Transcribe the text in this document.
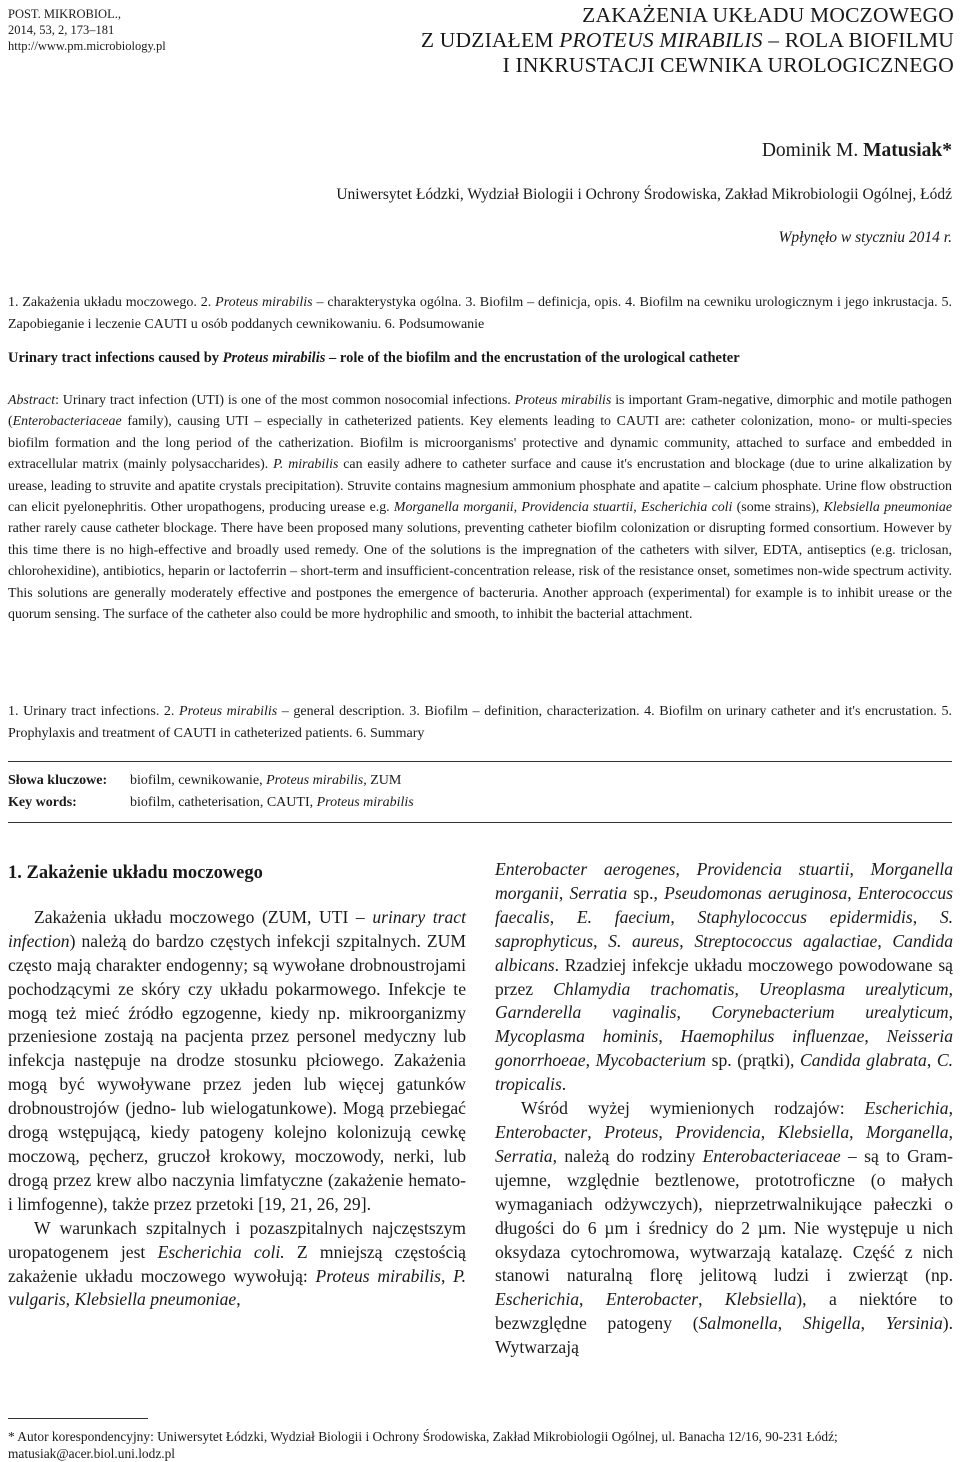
POST. MIKROBIOL.,
2014, 53, 2, 173–181
http://www.pm.microbiology.pl
ZAKAŻENIA UKŁADU MOCZOWEGO
Z UDZIAŁEM PROTEUS MIRABILIS – ROLA BIOFILMU
I INKRUSTACJI CEWNIKA UROLOGICZNEGO
Dominik M. Matusiak*
Uniwersytet Łódzki, Wydział Biologii i Ochrony Środowiska, Zakład Mikrobiologii Ogólnej, Łódź
Wpłynęło w styczniu 2014 r.
1. Zakażenia układu moczowego. 2. Proteus mirabilis – charakterystyka ogólna. 3. Biofilm – definicja, opis. 4. Biofilm na cewniku urologicznym i jego inkrustacja. 5. Zapobieganie i leczenie CAUTI u osób poddanych cewnikowaniu. 6. Podsumowanie
Urinary tract infections caused by Proteus mirabilis – role of the biofilm and the encrustation of the urological catheter
Abstract: Urinary tract infection (UTI) is one of the most common nosocomial infections. Proteus mirabilis is important Gram-negative, dimorphic and motile pathogen (Enterobacteriaceae family), causing UTI – especially in catheterized patients. Key elements leading to CAUTI are: catheter colonization, mono- or multi-species biofilm formation and the long period of the catherization. Biofilm is microorganisms' protective and dynamic community, attached to surface and embedded in extracellular matrix (mainly polysaccharides). P. mirabilis can easily adhere to catheter surface and cause it's encrustation and blockage (due to urine alkalization by urease, leading to struvite and apatite crystals precipitation). Struvite contains magnesium ammonium phosphate and apatite – calcium phosphate. Urine flow obstruction can elicit pyelonephritis. Other uropathogens, producing urease e.g. Morganella morganii, Providencia stuartii, Escherichia coli (some strains), Klebsiella pneumoniae rather rarely cause catheter blockage. There have been proposed many solutions, preventing catheter biofilm colonization or disrupting formed consortium. However by this time there is no high-effective and broadly used remedy. One of the solutions is the impregnation of the catheters with silver, EDTA, antiseptics (e.g. triclosan, chlorohexidine), antibiotics, heparin or lactoferrin – short-term and insufficient-concentration release, risk of the resistance onset, sometimes non-wide spectrum activity. This solutions are generally moderately effective and postpones the emergence of bacteruria. Another approach (experimental) for example is to inhibit urease or the quorum sensing. The surface of the catheter also could be more hydrophilic and smooth, to inhibit the bacterial attachment.
1. Urinary tract infections. 2. Proteus mirabilis – general description. 3. Biofilm – definition, characterization. 4. Biofilm on urinary catheter and it's encrustation. 5. Prophylaxis and treatment of CAUTI in catheterized patients. 6. Summary
Słowa kluczowe: biofilm, cewnikowanie, Proteus mirabilis, ZUM
Key words:	biofilm, catheterisation, CAUTI, Proteus mirabilis
1. Zakażenie układu moczowego

Zakażenia układu moczowego (ZUM, UTI – urinary tract infection) należą do bardzo częstych infekcji szpitalnych. ZUM często mają charakter endogenny; są wywołane drobnoustrojami pochodzącymi ze skóry czy układu pokarmowego. Infekcje te mogą też mieć źródło egzogenne, kiedy np. mikroorganizmy przeniesione zostają na pacjenta przez personel medyczny lub infekcja następuje na drodze stosunku płciowego. Zakażenia mogą być wywoływane przez jeden lub więcej gatunków drobnoustrojów (jedno- lub wielogatunkowe). Mogą przebiegać drogą wstępującą, kiedy patogeny kolejno kolonizują cewkę moczową, pęcherz, gruczoł krokowy, moczowody, nerki, lub drogą przez krew albo naczynia limfatyczne (zakażenie hemato- i limfogenne), także przez przetoki [19, 21, 26, 29].

W warunkach szpitalnych i pozaszpitalnych najczęstszym uropatogenem jest Escherichia coli. Z mniejszą częstością zakażenie układu moczowego wywołują: Proteus mirabilis, P. vulgaris, Klebsiella pneumoniae,

Enterobacter aerogenes, Providencia stuartii, Morganella morganii, Serratia sp., Pseudomonas aeruginosa, Enterococcus faecalis, E. faecium, Staphylococcus epidermidis, S. saprophyticus, S. aureus, Streptococcus agalactiae, Candida albicans. Rzadziej infekcje układu moczowego powodowane są przez Chlamydia trachomatis, Ureoplasma urealyticum, Garnderella vaginalis, Corynebacterium urealyticum, Mycoplasma hominis, Haemophilus influenzae, Neisseria gonorrhoeae, Mycobacterium sp. (prątki), Candida glabrata, C. tropicalis.

Wśród wyżej wymienionych rodzajów: Escherichia, Enterobacter, Proteus, Providencia, Klebsiella, Morganella, Serratia, należą do rodziny Enterobacteriaceae – są to Gram-ujemne, względnie beztlenowe, prototroficzne (o małych wymaganiach odżywczych), nieprzetrwalnikujące pałeczki o długości do 6 µm i średnicy do 2 µm. Nie występuje u nich oksydaza cytochromowa, wytwarzają katalazę. Część z nich stanowi naturalną florę jelitową ludzi i zwierząt (np. Escherichia, Enterobacter, Klebsiella), a niektóre to bezwzględne patogeny (Salmonella, Shigella, Yersinia). Wytwarzają

* Autor korespondencyjny: Uniwersytet Łódzki, Wydział Biologii i Ochrony Środowiska, Zakład Mikrobiologii Ogólnej, ul. Banacha 12/16, 90-231 Łódź; matusiak@acer.biol.uni.lodz.pl
